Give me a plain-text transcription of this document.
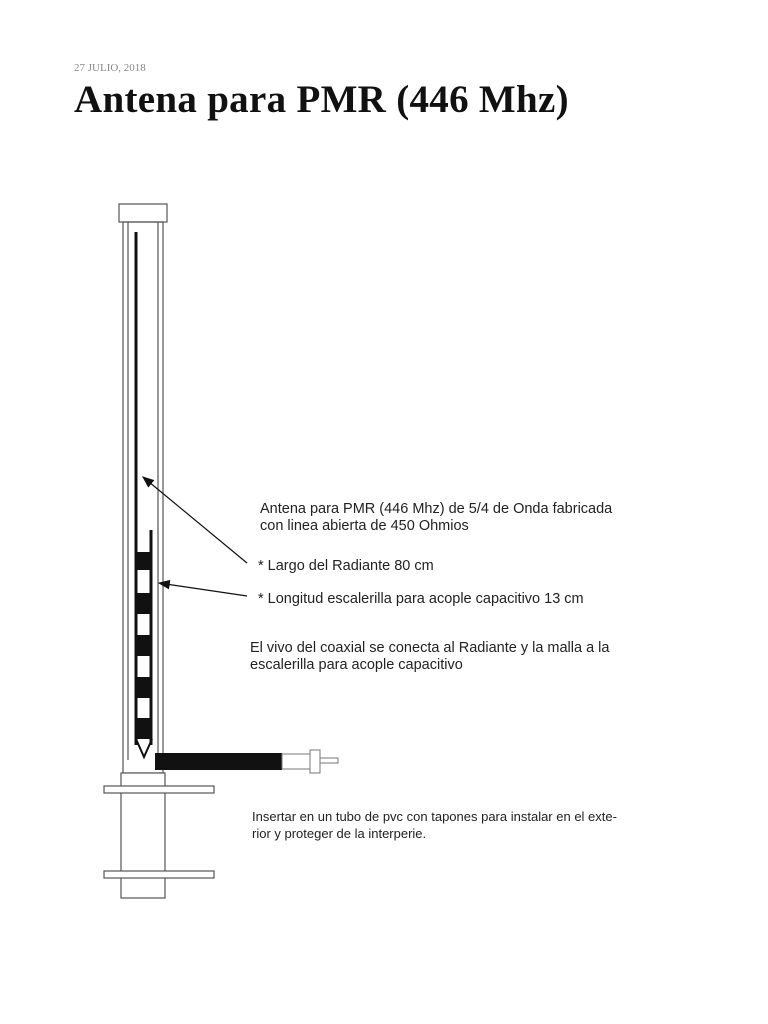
27 JULIO, 2018
Antena para PMR (446 Mhz)
Antena para PMR (446 Mhz) de 5/4 de Onda fabricada
con linea abierta de 450 Ohmios
* Largo del Radiante 80 cm
* Longitud escalerilla para acople capacitivo 13 cm
El vivo del coaxial se conecta al Radiante y la malla a la
escalerilla para acople capacitivo
Insertar en un tubo de pvc con tapones para instalar en el exte-
rior y proteger de la interperie.
